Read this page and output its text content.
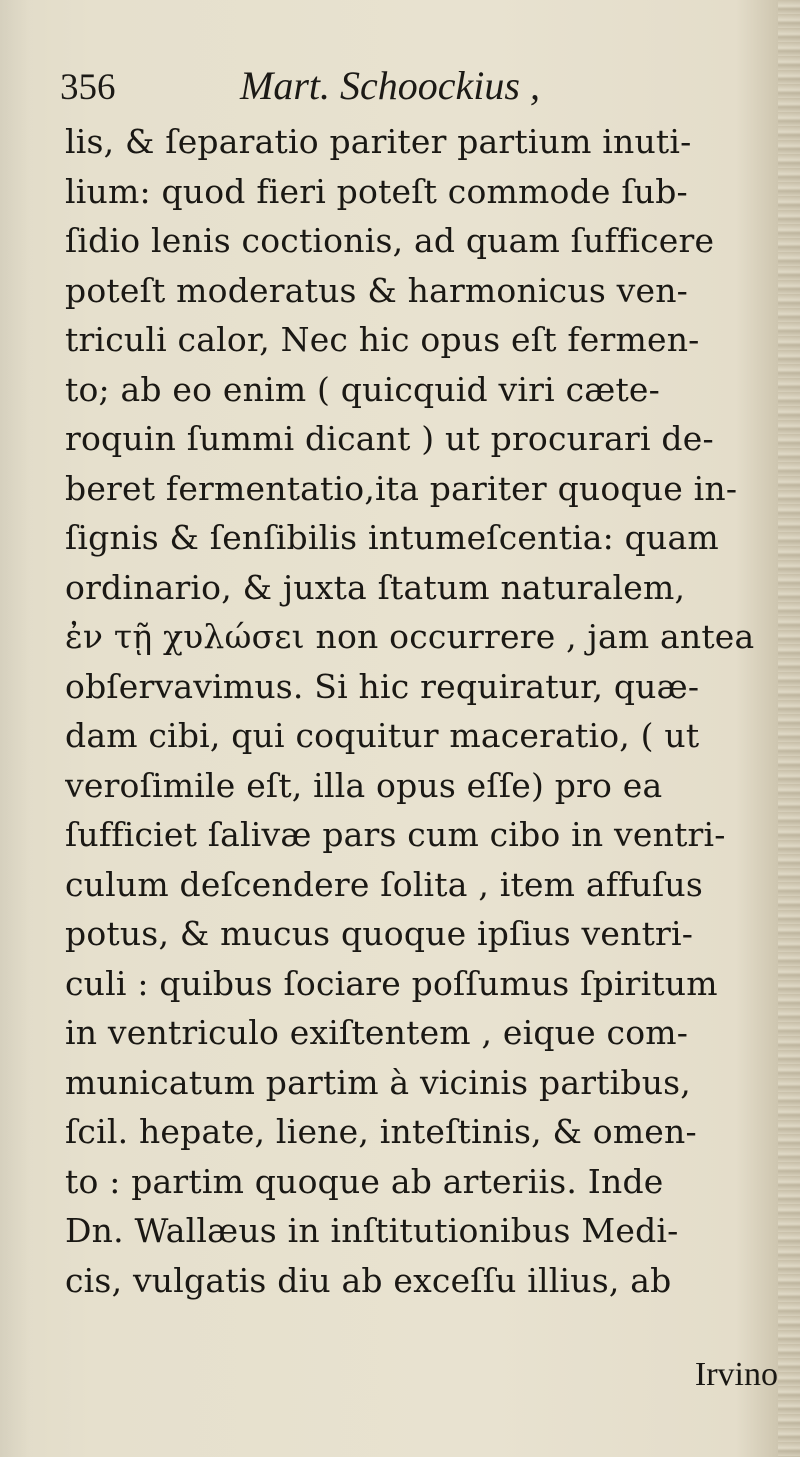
356	Mart. Schoockius ,
lis, & ſeparatio pariter partium inuti-
lium: quod fieri poteſt commode ſub-
ſidio lenis coctionis, ad quam ſufficere
poteſt moderatus & harmonicus ven-
triculi calor, Nec hic opus eſt fermen-
to; ab eo enim ( quicquid viri cæte-
roquin ſummi dicant ) ut procurari de-
beret fermentatio,ita pariter quoque in-
ſignis & ſenſibilis intumeſcentia: quam
ordinario, & juxta ſtatum naturalem,
ἐν τῇ χυλώσει non occurrere , jam antea
obſervavimus. Si hic requiratur, quæ-
dam cibi, qui coquitur maceratio, ( ut
veroſimile eſt, illa opus eſſe) pro ea
ſufficiet ſalivæ pars cum cibo in ventri-
culum deſcendere ſolita , item affuſus
potus, & mucus quoque ipſius ventri-
culi : quibus ſociare poſſumus ſpiritum
in ventriculo exiſtentem , eique com-
municatum partim à vicinis partibus,
ſcil. hepate, liene, inteſtinis, & omen-
to : partim quoque ab arteriis. Inde
Dn. Wallæus in inſtitutionibus Medi-
cis, vulgatis diu ab exceſſu illius, ab
Irvino
